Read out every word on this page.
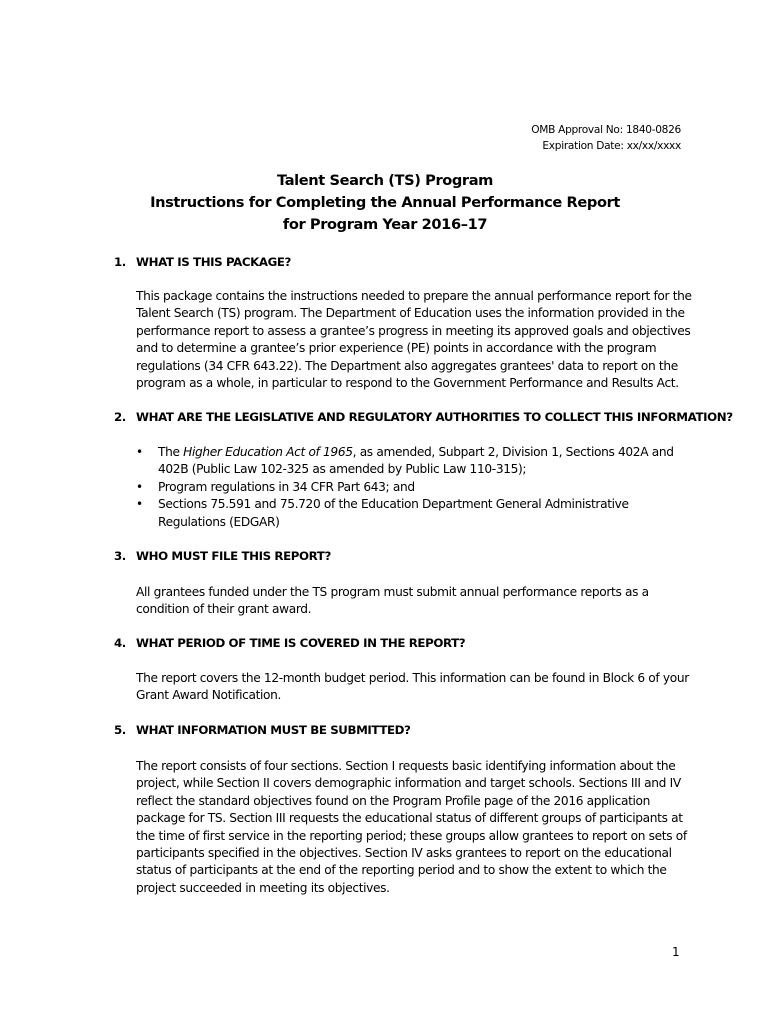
OMB Approval No: 1840-0826
Expiration Date: xx/xx/xxxx
Talent Search (TS) Program
Instructions for Completing the Annual Performance Report
for Program Year 2016–17
1. WHAT IS THIS PACKAGE?
This package contains the instructions needed to prepare the annual performance report for the
Talent Search (TS) program. The Department of Education uses the information provided in the
performance report to assess a grantee’s progress in meeting its approved goals and objectives
and to determine a grantee’s prior experience (PE) points in accordance with the program
regulations (34 CFR 643.22). The Department also aggregates grantees' data to report on the
program as a whole, in particular to respond to the Government Performance and Results Act.
2. WHAT ARE THE LEGISLATIVE AND REGULATORY AUTHORITIES TO COLLECT THIS INFORMATION?
• The Higher Education Act of 1965, as amended, Subpart 2, Division 1, Sections 402A and
402B (Public Law 102-325 as amended by Public Law 110-315);
• Program regulations in 34 CFR Part 643; and
• Sections 75.591 and 75.720 of the Education Department General Administrative
Regulations (EDGAR)
3. WHO MUST FILE THIS REPORT?
All grantees funded under the TS program must submit annual performance reports as a
condition of their grant award.
4. WHAT PERIOD OF TIME IS COVERED IN THE REPORT?
The report covers the 12-month budget period. This information can be found in Block 6 of your
Grant Award Notification.
5. WHAT INFORMATION MUST BE SUBMITTED?
The report consists of four sections. Section I requests basic identifying information about the
project, while Section II covers demographic information and target schools. Sections III and IV
reflect the standard objectives found on the Program Profile page of the 2016 application
package for TS. Section III requests the educational status of different groups of participants at
the time of first service in the reporting period; these groups allow grantees to report on sets of
participants specified in the objectives. Section IV asks grantees to report on the educational
status of participants at the end of the reporting period and to show the extent to which the
project succeeded in meeting its objectives.
1
